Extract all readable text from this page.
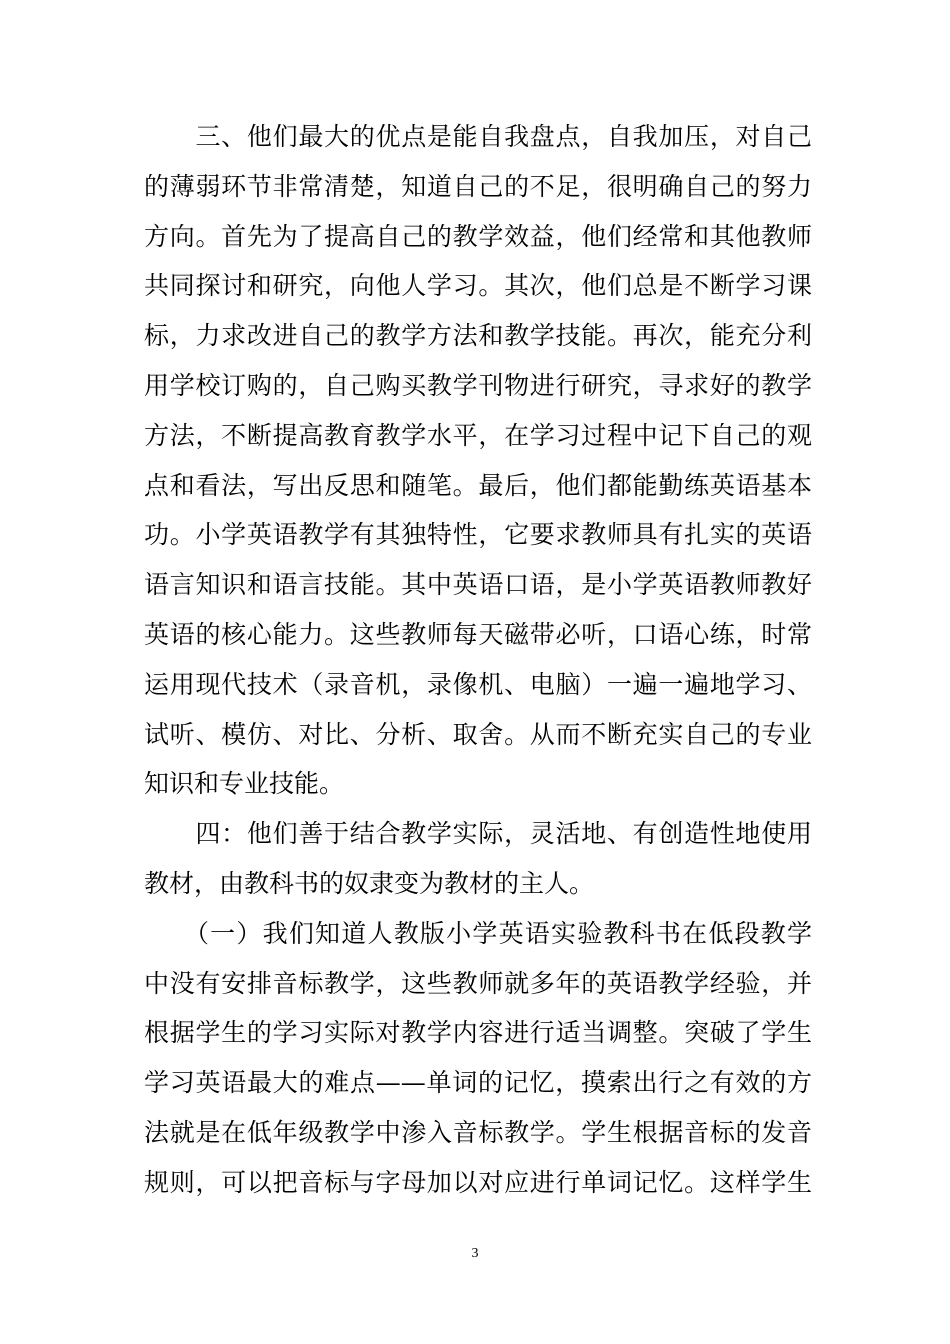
　　三、他们最大的优点是能自我盘点，自我加压，对自己
的薄弱环节非常清楚，知道自己的不足，很明确自己的努力
方向。首先为了提高自己的教学效益，他们经常和其他教师
共同探讨和研究，向他人学习。其次，他们总是不断学习课
标，力求改进自己的教学方法和教学技能。再次，能充分利
用学校订购的，自己购买教学刊物进行研究，寻求好的教学
方法，不断提高教育教学水平，在学习过程中记下自己的观
点和看法，写出反思和随笔。最后，他们都能勤练英语基本
功。小学英语教学有其独特性，它要求教师具有扎实的英语
语言知识和语言技能。其中英语口语，是小学英语教师教好
英语的核心能力。这些教师每天磁带必听，口语心练，时常
运用现代技术（录音机，录像机、电脑）一遍一遍地学习、
试听、模仿、对比、分析、取舍。从而不断充实自己的专业
知识和专业技能。
　　四：他们善于结合教学实际，灵活地、有创造性地使用
教材，由教科书的奴隶变为教材的主人。
　　（一）我们知道人教版小学英语实验教科书在低段教学
中没有安排音标教学，这些教师就多年的英语教学经验，并
根据学生的学习实际对教学内容进行适当调整。突破了学生
学习英语最大的难点——单词的记忆，摸索出行之有效的方
法就是在低年级教学中渗入音标教学。学生根据音标的发音
规则，可以把音标与字母加以对应进行单词记忆。这样学生
3
